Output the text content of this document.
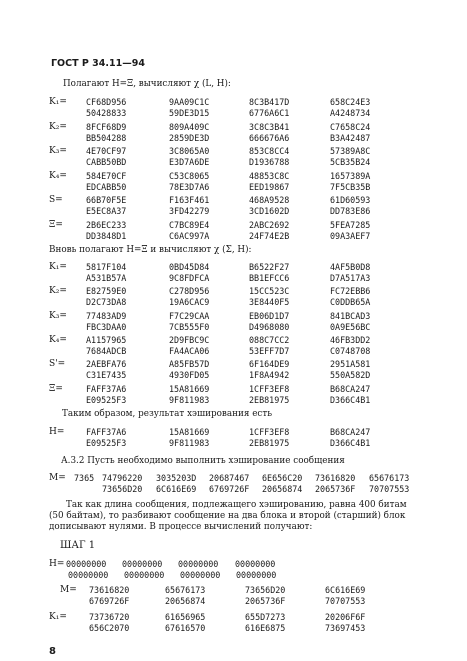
ГОСТ Р 34.11—94
Полагают H=Ξ, вычисляют χ (L, H):
K₁= CF68D956	9AA09C1C	8C3B417D	658C24E3
50428833	59DE3D15	6776A6C1	A4248734
K₂= 8FCF68D9	809A409C	3C8C3B41	C7658C24
BB504288	2859DE3D	666676A6	B3A42487
K₃= 4E70CF97	3C8065A0	853C8CC4	57389A8C
CABB50BD	E3D7A6DE	D1936788	5CB35B24
K₄= 584E70CF	C53C8065	48853C8C	1657389A
EDCABB50	78E3D7A6	EED19867	7F5CB35B
S=	66B70F5E	F163F461	468A9528	61D60593
E5EC8A37	3FD42279	3CD1602D	DD783E86
Ξ=	2B6EC233	C7BC89E4	2ABC2692	5FEA7285
DD3848D1	C6AC997A	24F74E2B	09A3AEF7
Вновь полагают H=Ξ и вычисляют χ (Σ, H):
K₁= 5817F104	0BD45D84	B6522F27	4AF5B0D8
A531B57A	9C8FDFCA	BB1EFCC6	D7A517A3
K₂= E82759E0	C278D956	15CC523C	FC72EBB6
D2C73DA8	19A6CAC9	3E8440F5	C0DDB65A
K₃= 77483AD9	F7C29CAA	EB06D1D7	841BCAD3
FBC3DAA0	7CB555F0	D4968080	0A9E56BC
K₄= A1157965	2D9FBC9C	088C7CC2	46FB3DD2
7684ADCB	FA4ACA06	53EFF7D7	C0748708
S'= 2AEBFA76	A85FB57D	6F164DE9	2951A581
C31E7435	4930FD05	1F8A4942	550A582D
Ξ=	FAFF37A6	15A81669	1CFF3EF8	B68CA247
E09525F3	9F811983	2EB81975	D366C4B1
Таким образом, результат хэширования есть
H=	FAFF37A6	15A81669	1CFF3EF8	B68CA247
E09525F3	9F811983	2EB81975	D366C4B1
А.3.2 Пусть необходимо выполнить хэширование сообщения
M= 7365 74796220 3035203D 20687467 6E656C20 73616820 65676173
73656D20 6C616E69 6769726F 20656874 2065736F 70707553
Так как длина сообщения, подлежащего хэшированию, равна 400 битам
(50 байтам), то разбивают сообщение на два блока и второй (старший) блок
дописывают нулями. В процессе вычислений получают:
ШАГ 1
H= 00000000 00000000 00000000 00000000
00000000 00000000 00000000 00000000
M= 73616820	65676173	73656D20	6C616E69
6769726F	20656874	2065736F	70707553
K₁=	73736720	61656965	655D7273	20206F6F
656C2070	67616570	616E6875	73697453
8
